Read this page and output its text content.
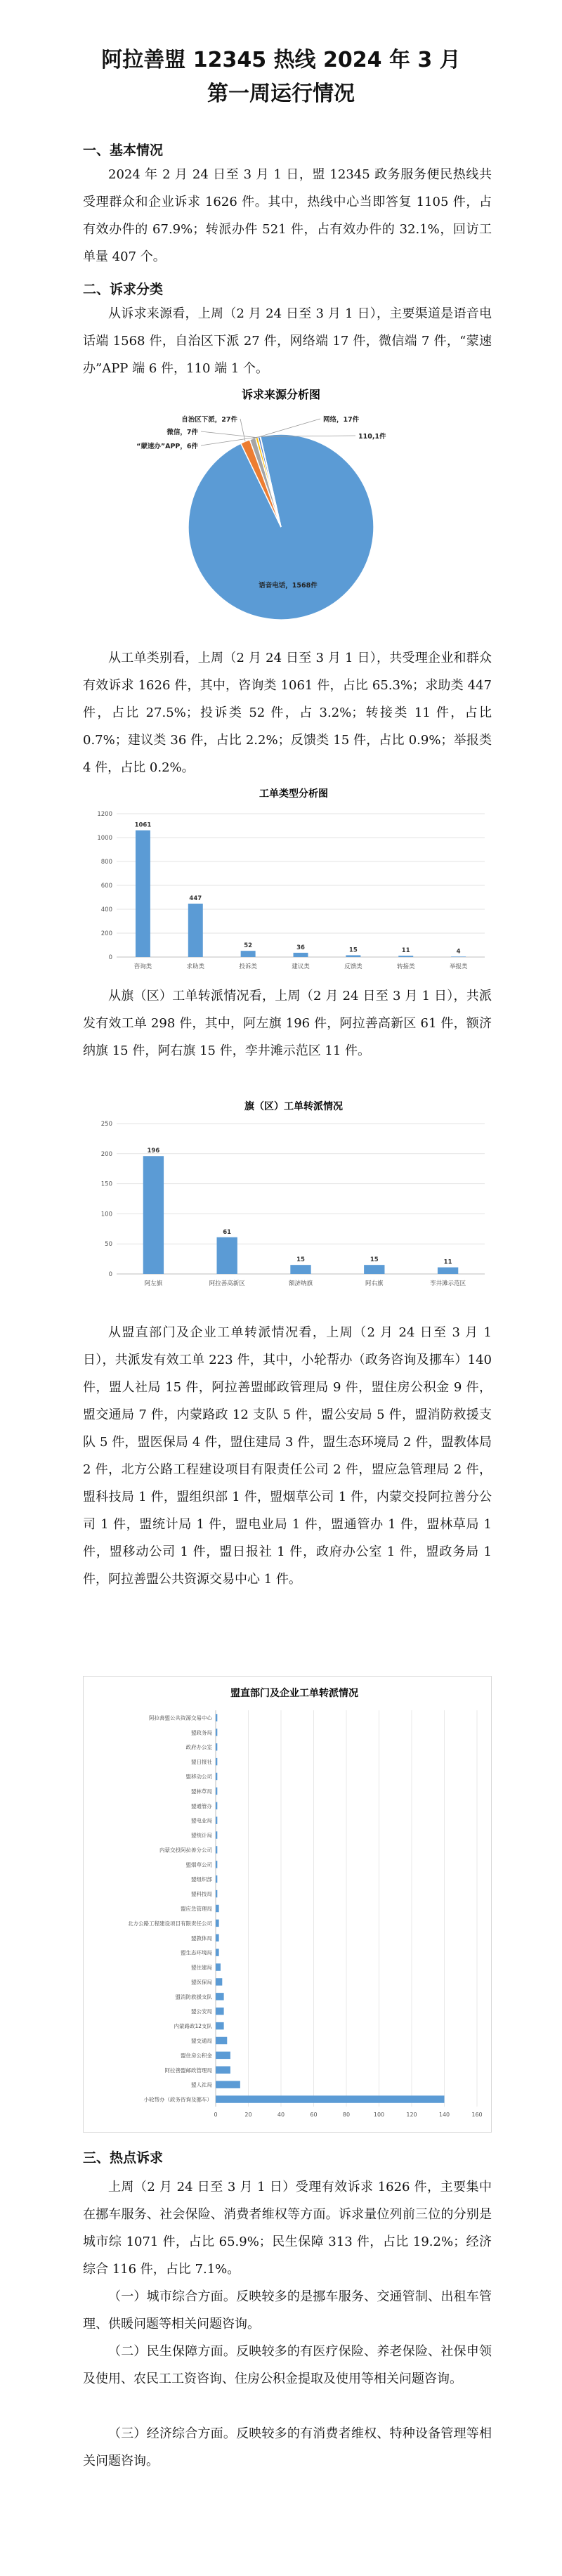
阿拉善盟 12345 热线 2024 年 3 月
第一周运行情况
一、基本情况

2024 年 2 月 24 日至 3 月 1 日，盟 12345 政务服务便民热线共受理群众和企业诉求 1626 件。其中，热线中心当即答复 1105 件，占有效办件的 67.9%；转派办件 521 件，占有效办件的 32.1%，回访工单量 407 个。

二、诉求分类

从诉求来源看，上周（2 月 24 日至 3 月 1 日），主要渠道是语音电话端 1568 件，自治区下派 27 件，网络端 17 件，微信端 7 件，“蒙速办”APP 端 6 件，110 端 1 个。

诉求来源分析图
语音电话，1568件
自治区下派，27件	网络，17件
微信，7件
“蒙速办”APP，6件
110,1件

从工单类别看，上周（2 月 24 日至 3 月 1 日），共受理企业和群众有效诉求 1626 件，其中，咨询类 1061 件，占比 65.3%；求助类 447 件，占比 27.5%；投诉类 52 件，占 3.2%；转接类 11 件，占比 0.7%；建议类 36 件，占比 2.2%；反馈类 15 件，占比 0.9%；举报类 4 件，占比 0.2%。

工单类型分析图
0
200
400
600
800
1000
1200
1061
咨询类
447
求助类
52
投诉类
36
建议类
15
反馈类
11
转接类
4
举报类

从旗（区）工单转派情况看，上周（2 月 24 日至 3 月 1 日），共派发有效工单 298 件，其中，阿左旗 196 件，阿拉善高新区 61 件，额济纳旗 15 件，阿右旗 15 件，孪井滩示范区 11 件。

旗（区）工单转派情况
0
50
100
150
200
250
196
阿左旗
61
阿拉善高新区
15
额济纳旗
15
阿右旗
11
孪井滩示范区

从盟直部门及企业工单转派情况看，上周（2 月 24 日至 3 月 1 日），共派发有效工单 223 件，其中，小轮帮办（政务咨询及挪车）140 件，盟人社局 15 件，阿拉善盟邮政管理局 9 件，盟住房公积金 9 件，盟交通局 7 件，内蒙路政 12 支队 5 件，盟公安局 5 件，盟消防救援支队 5 件，盟医保局 4 件，盟住建局 3 件，盟生态环境局 2 件，盟教体局 2 件，北方公路工程建设项目有限责任公司 2 件，盟应急管理局 2 件，盟科技局 1 件，盟组织部 1 件，盟烟草公司 1 件，内蒙交投阿拉善分公司 1 件，盟统计局 1 件，盟电业局 1 件，盟通管办 1 件，盟林草局 1 件，盟移动公司 1 件，盟日报社 1 件，政府办公室 1 件，盟政务局 1 件，阿拉善盟公共资源交易中心 1 件。

盟直部门及企业工单转派情况
0	20	40	60	80	100	120	140	160
阿拉善盟公共资源交易中心
盟政务局
政府办公室
盟日报社
盟移动公司
盟林草局
盟通管办
盟电业局
盟统计局
内蒙交投阿拉善分公司
盟烟草公司
盟组织部
盟科技局
盟应急管理局
北方公路工程建设项目有限责任公司
盟教体局
盟生态环境局
盟住建局
盟医保局
盟消防救援支队
盟公安局
内蒙路政12支队
盟交通局
盟住房公积金
阿拉善盟邮政管理局
盟人社局
小轮帮办（政务咨询及挪车）
三、热点诉求

上周（2 月 24 日至 3 月 1 日）受理有效诉求 1626 件，主要集中在挪车服务、社会保险、消费者维权等方面。诉求量位列前三位的分别是城市综 1071 件，占比 65.9%；民生保障 313 件，占比 19.2%；经济综合 116 件，占比 7.1%。

（一）城市综合方面。反映较多的是挪车服务、交通管制、出租车管理、供暖问题等相关问题咨询。

（二）民生保障方面。反映较多的有医疗保险、养老保险、社保申领及使用、农民工工资咨询、住房公积金提取及使用等相关问题咨询。

（三）经济综合方面。反映较多的有消费者维权、特种设备管理等相关问题咨询。
